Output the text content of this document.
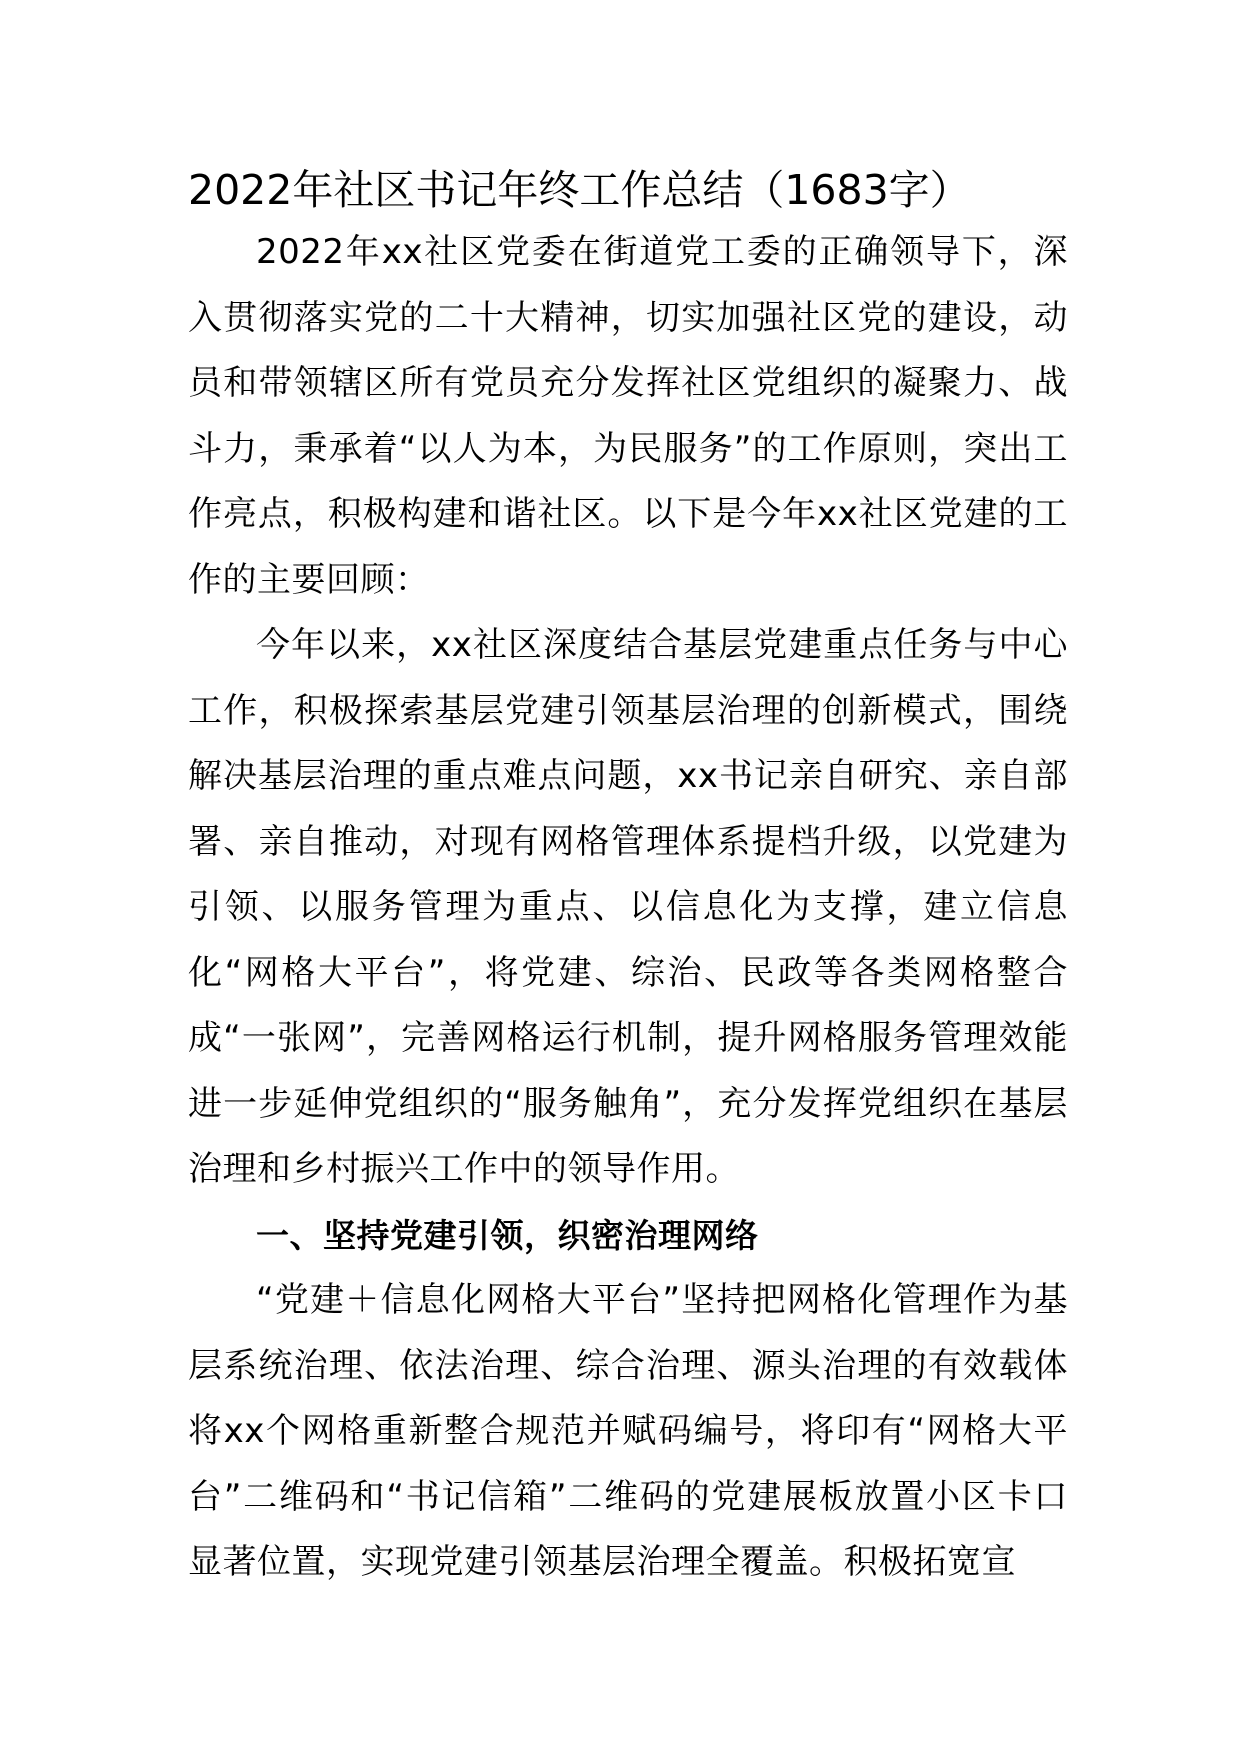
2022年社区书记年终工作总结（1683字）

2022年xx社区党委在街道党工委的正确领导下，深入贯彻落实党的二十大精神，切实加强社区党的建设，动员和带领辖区所有党员充分发挥社区党组织的凝聚力、战斗力，秉承着“以人为本，为民服务”的工作原则，突出工作亮点，积极构建和谐社区。以下是今年xx社区党建的工作的主要回顾：

今年以来，xx社区深度结合基层党建重点任务与中心工作，积极探索基层党建引领基层治理的创新模式，围绕解决基层治理的重点难点问题，xx书记亲自研究、亲自部署、亲自推动，对现有网格管理体系提档升级，以党建为引领、以服务管理为重点、以信息化为支撑，建立信息化“网格大平台”，将党建、综治、民政等各类网格整合成“一张网”，完善网格运行机制，提升网格服务管理效能进一步延伸党组织的“服务触角”，充分发挥党组织在基层治理和乡村振兴工作中的领导作用。

一、坚持党建引领，织密治理网络

“党建＋信息化网格大平台”坚持把网格化管理作为基层系统治理、依法治理、综合治理、源头治理的有效载体将xx个网格重新整合规范并赋码编号，将印有“网格大平台”二维码和“书记信箱”二维码的党建展板放置小区卡口显著位置，实现党建引领基层治理全覆盖。积极拓宽宣
